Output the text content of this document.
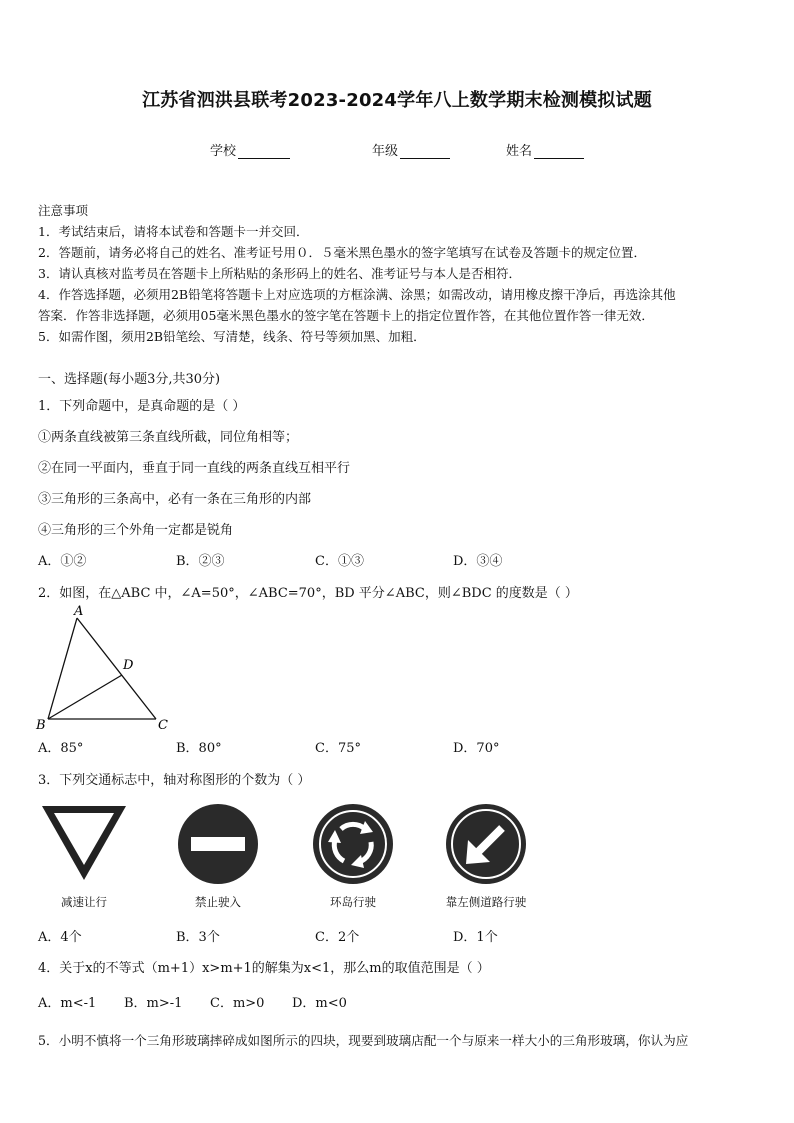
江苏省泗洪县联考2023-2024学年八上数学期末检测模拟试题
学校	年级	姓名
注意事项
1．考试结束后，请将本试卷和答题卡一并交回．
2．答题前，请务必将自己的姓名、准考证号用０．５毫米黑色墨水的签字笔填写在试卷及答题卡的规定位置．
3．请认真核对监考员在答题卡上所粘贴的条形码上的姓名、准考证号与本人是否相符．
4．作答选择题，必须用2B铅笔将答题卡上对应选项的方框涂满、涂黑；如需改动，请用橡皮擦干净后，再选涂其他
答案．作答非选择题，必须用05毫米黑色墨水的签字笔在答题卡上的指定位置作答，在其他位置作答一律无效．
5．如需作图，须用2B铅笔绘、写清楚，线条、符号等须加黑、加粗．
一、选择题(每小题3分,共30分)
1．下列命题中，是真命题的是（ ）
①两条直线被第三条直线所截，同位角相等；
②在同一平面内，垂直于同一直线的两条直线互相平行
③三角形的三条高中，必有一条在三角形的内部
④三角形的三个外角一定都是锐角
A．①②	B．②③	C．①③	D．③④
2．如图，在△ABC 中，∠A=50°，∠ABC=70°，BD 平分∠ABC，则∠BDC 的度数是（ ）
A
B	C
D
A．85°	B．80°	C．75°	D．70°
3．下列交通标志中，轴对称图形的个数为（ ）
减速让行	禁止驶入	环岛行驶	靠左侧道路行驶
A．4个	B．3个	C．2个	D．1个
4．关于x的不等式（m+1）x>m+1的解集为x<1，那么m的取值范围是（ ）
A．m<-1 B．m>-1 C．m>0 D．m<0
5．小明不慎将一个三角形玻璃摔碎成如图所示的四块，现要到玻璃店配一个与原来一样大小的三角形玻璃，你认为应
